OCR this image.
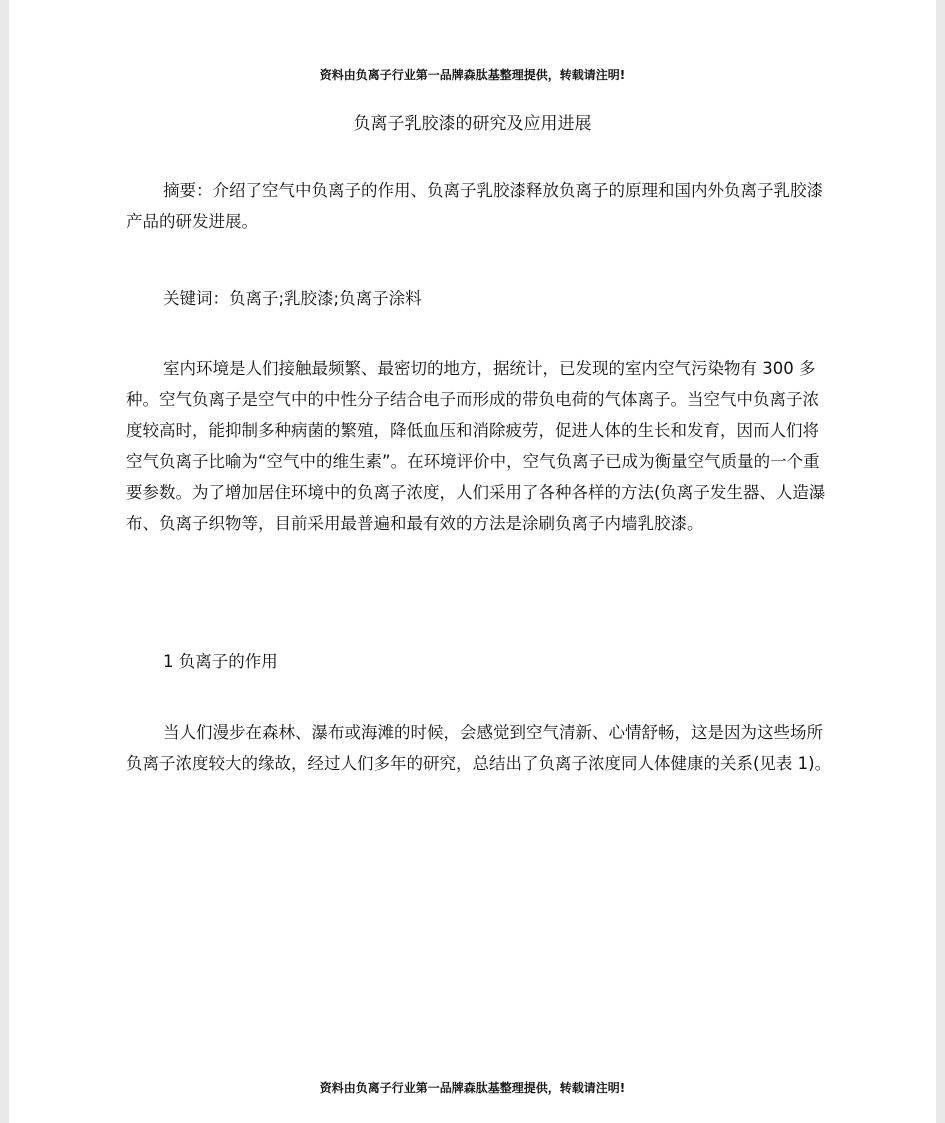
资料由负离子行业第一品牌森肽基整理提供，转载请注明!
负离子乳胶漆的研究及应用进展

摘要：介绍了空气中负离子的作用、负离子乳胶漆释放负离子的原理和国内外负离子乳胶漆产品的研发进展。

关键词：负离子;乳胶漆;负离子涂料

室内环境是人们接触最频繁、最密切的地方，据统计，已发现的室内空气污染物有 300 多种。空气负离子是空气中的中性分子结合电子而形成的带负电荷的气体离子。当空气中负离子浓度较高时，能抑制多种病菌的繁殖，降低血压和消除疲劳，促进人体的生长和发育，因而人们将空气负离子比喻为“空气中的维生素”。在环境评价中，空气负离子已成为衡量空气质量的一个重要参数。为了增加居住环境中的负离子浓度，人们采用了各种各样的方法(负离子发生器、人造瀑布、负离子织物等，目前采用最普遍和最有效的方法是涂刷负离子内墙乳胶漆。

1 负离子的作用

当人们漫步在森林、瀑布或海滩的时候，会感觉到空气清新、心情舒畅，这是因为这些场所负离子浓度较大的缘故，经过人们多年的研究，总结出了负离子浓度同人体健康的关系(见表 1)。

资料由负离子行业第一品牌森肽基整理提供，转载请注明!
